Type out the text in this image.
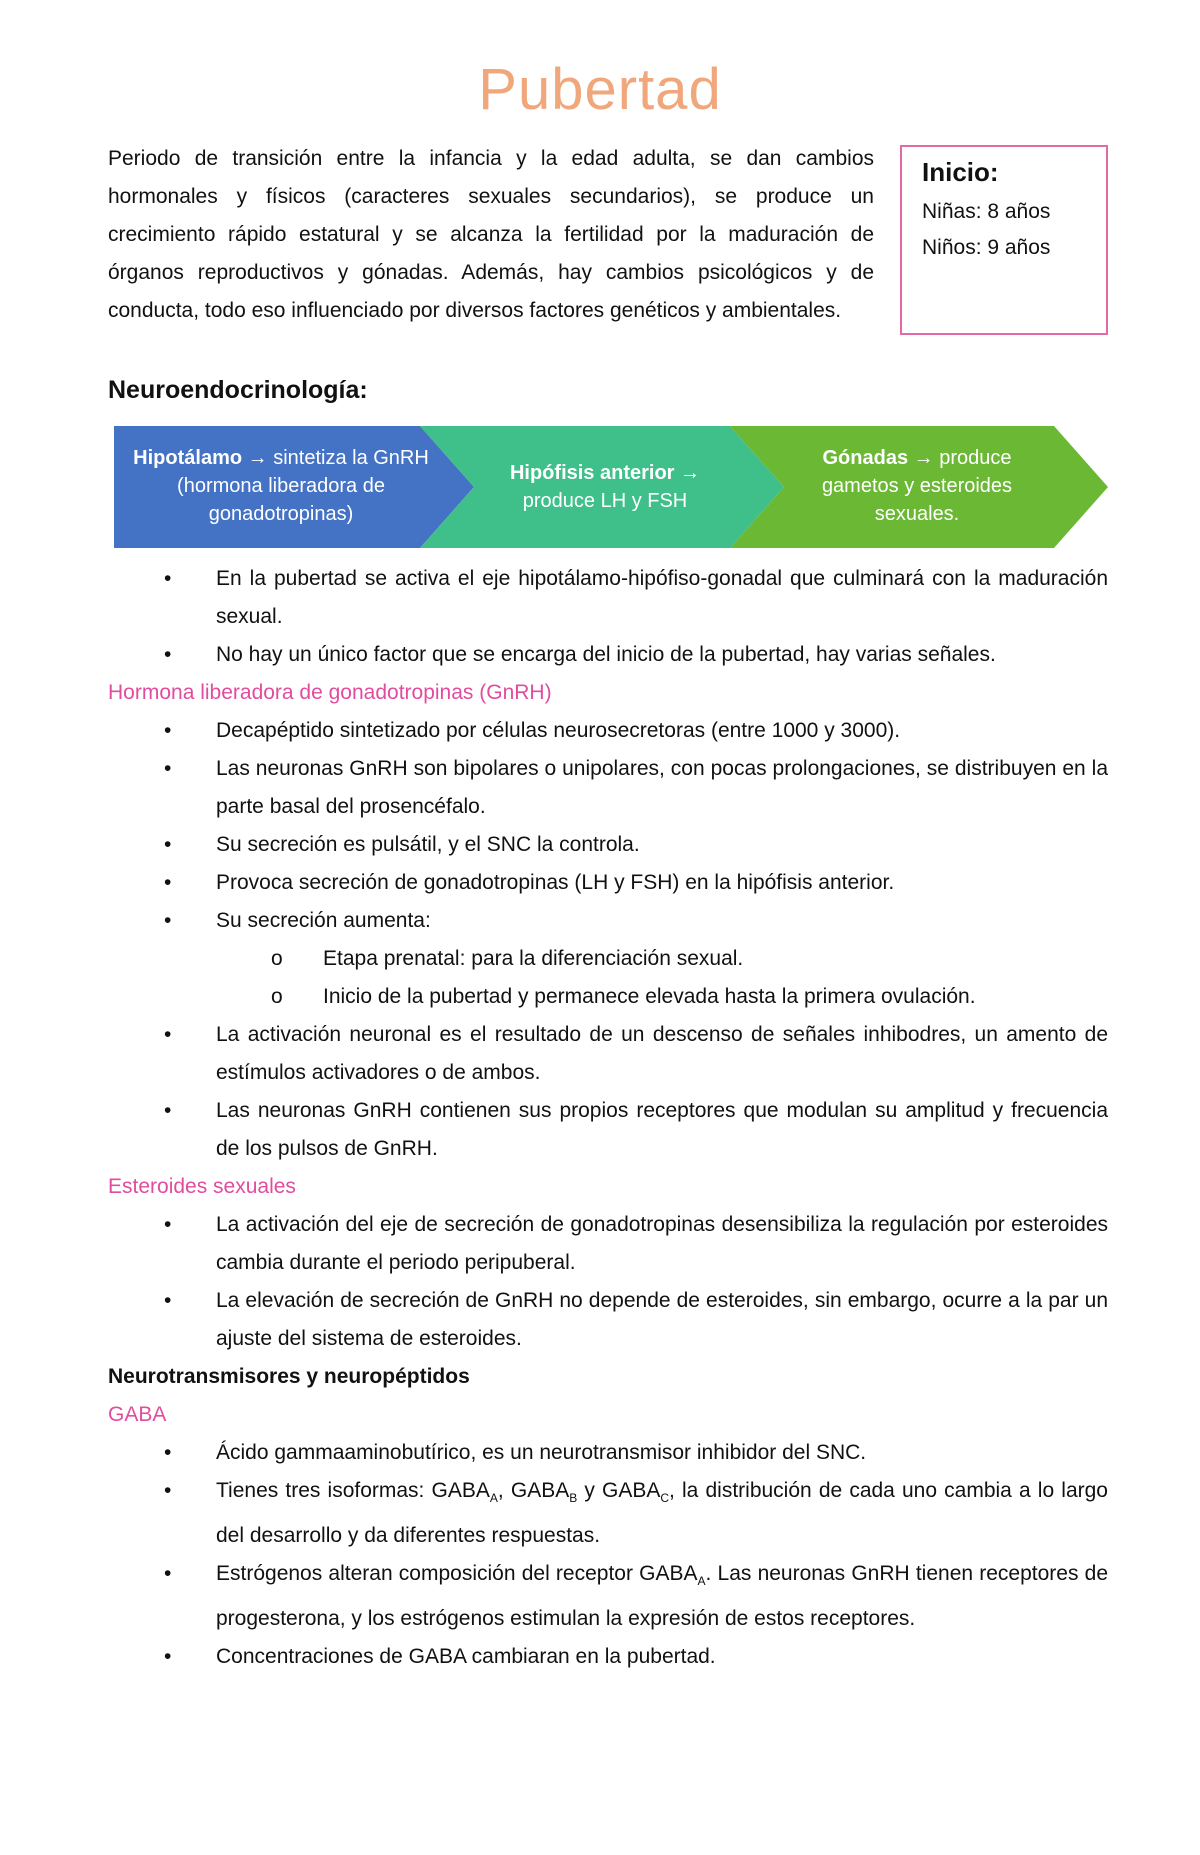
Pubertad
Periodo de transición entre la infancia y la edad adulta, se dan cambios hormonales y físicos (caracteres sexuales secundarios), se produce un crecimiento rápido estatural y se alcanza la fertilidad por la maduración de órganos reproductivos y gónadas. Además, hay cambios psicológicos y de conducta, todo eso influenciado por diversos factores genéticos y ambientales.
Inicio:
Niñas: 8 años
Niños: 9 años
Neuroendocrinología:
Hipotálamo → sintetiza la GnRH (hormona liberadora de gonadotropinas)
Hipófisis anterior → produce LH y FSH
Gónadas → produce gametos y esteroides sexuales.
• En la pubertad se activa el eje hipotálamo-hipófiso-gonadal que culminará con la maduración sexual.
• No hay un único factor que se encarga del inicio de la pubertad, hay varias señales.
Hormona liberadora de gonadotropinas (GnRH)
• Decapéptido sintetizado por células neurosecretoras (entre 1000 y 3000).
• Las neuronas GnRH son bipolares o unipolares, con pocas prolongaciones, se distribuyen en la parte basal del prosencéfalo.
• Su secreción es pulsátil, y el SNC la controla.
• Provoca secreción de gonadotropinas (LH y FSH) en la hipófisis anterior.
• Su secreción aumenta:
o Etapa prenatal: para la diferenciación sexual.
o Inicio de la pubertad y permanece elevada hasta la primera ovulación.
• La activación neuronal es el resultado de un descenso de señales inhibodres, un amento de estímulos activadores o de ambos.
• Las neuronas GnRH contienen sus propios receptores que modulan su amplitud y frecuencia de los pulsos de GnRH.
Esteroides sexuales
• La activación del eje de secreción de gonadotropinas desensibiliza la regulación por esteroides cambia durante el periodo peripuberal.
• La elevación de secreción de GnRH no depende de esteroides, sin embargo, ocurre a la par un ajuste del sistema de esteroides.
Neurotransmisores y neuropéptidos
GABA
• Ácido gammaaminobutírico, es un neurotransmisor inhibidor del SNC.
• Tienes tres isoformas: $GABA_A$, $GABA_B$ y $GABA_C$, la distribución de cada uno cambia a lo largo del desarrollo y da diferentes respuestas.
• Estrógenos alteran composición del receptor $GABA_A$. Las neuronas GnRH tienen receptores de progesterona, y los estrógenos estimulan la expresión de estos receptores.
• Concentraciones de GABA cambiaran en la pubertad.
